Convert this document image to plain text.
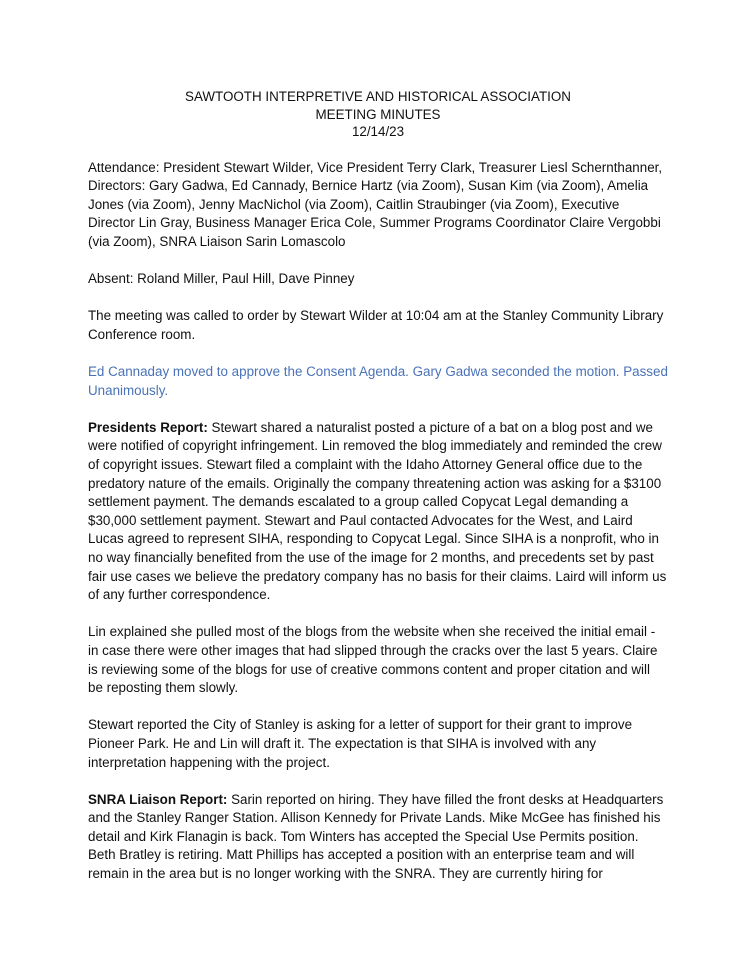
SAWTOOTH INTERPRETIVE AND HISTORICAL ASSOCIATION
MEETING MINUTES
12/14/23

Attendance: President Stewart Wilder, Vice President Terry Clark, Treasurer Liesl Schernthanner, Directors: Gary Gadwa, Ed Cannady, Bernice Hartz (via Zoom), Susan Kim (via Zoom), Amelia Jones (via Zoom), Jenny MacNichol (via Zoom), Caitlin Straubinger (via Zoom), Executive Director Lin Gray, Business Manager Erica Cole, Summer Programs Coordinator Claire Vergobbi (via Zoom), SNRA Liaison Sarin Lomascolo

Absent: Roland Miller, Paul Hill, Dave Pinney

The meeting was called to order by Stewart Wilder at 10:04 am at the Stanley Community Library Conference room.

Ed Cannaday moved to approve the Consent Agenda. Gary Gadwa seconded the motion. Passed Unanimously.

Presidents Report: Stewart shared a naturalist posted a picture of a bat on a blog post and we were notified of copyright infringement. Lin removed the blog immediately and reminded the crew of copyright issues. Stewart filed a complaint with the Idaho Attorney General office due to the predatory nature of the emails. Originally the company threatening action was asking for a $3100 settlement payment. The demands escalated to a group called Copycat Legal demanding a $30,000 settlement payment. Stewart and Paul contacted Advocates for the West, and Laird Lucas agreed to represent SIHA, responding to Copycat Legal. Since SIHA is a nonprofit, who in no way financially benefited from the use of the image for 2 months, and precedents set by past fair use cases we believe the predatory company has no basis for their claims. Laird will inform us of any further correspondence.

Lin explained she pulled most of the blogs from the website when she received the initial email - in case there were other images that had slipped through the cracks over the last 5 years. Claire is reviewing some of the blogs for use of creative commons content and proper citation and will be reposting them slowly.

Stewart reported the City of Stanley is asking for a letter of support for their grant to improve Pioneer Park. He and Lin will draft it. The expectation is that SIHA is involved with any interpretation happening with the project.

SNRA Liaison Report: Sarin reported on hiring. They have filled the front desks at Headquarters and the Stanley Ranger Station. Allison Kennedy for Private Lands. Mike McGee has finished his detail and Kirk Flanagin is back. Tom Winters has accepted the Special Use Permits position. Beth Bratley is retiring. Matt Phillips has accepted a position with an enterprise team and will remain in the area but is no longer working with the SNRA. They are currently hiring for
